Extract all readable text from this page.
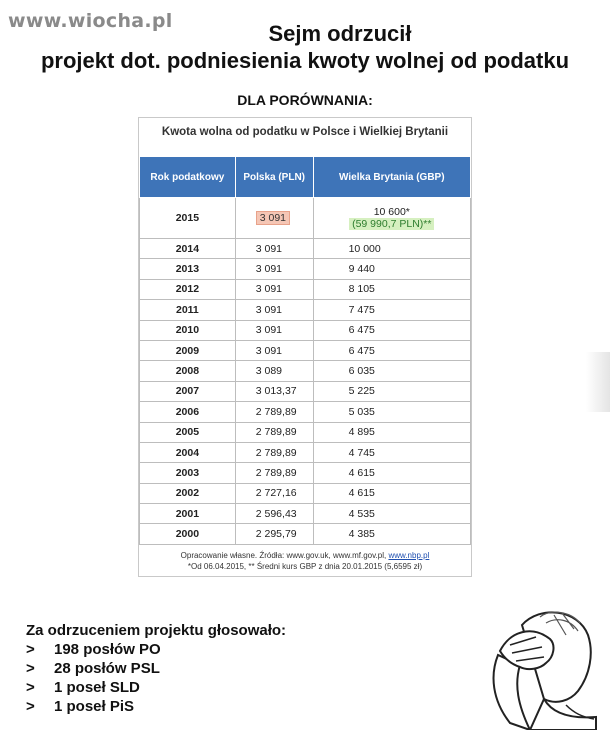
www.wiocha.pl	Sejm odrzucił
projekt dot. podniesienia kwoty wolnej od podatku
DLA PORÓWNANIA:
Kwota wolna od podatku w Polsce i Wielkiej Brytanii
Rok podatkowy	Polska (PLN)	Wielka Brytania (GBP)
2015	3 091	10 600*
(59 990,7 PLN)**
2014	3 091	10 000
2013	3 091	9 440
2012	3 091	8 105
2011	3 091	7 475
2010	3 091	6 475
2009	3 091	6 475
2008	3 089	6 035
2007	3 013,37	5 225
2006	2 789,89	5 035
2005	2 789,89	4 895
2004	2 789,89	4 745
2003	2 789,89	4 615
2002	2 727,16	4 615
2001	2 596,43	4 535
2000	2 295,79	4 385
Opracowanie własne. Źródła: www.gov.uk, www.mf.gov.pl, www.nbp.pl
*Od 06.04.2015, ** Średni kurs GBP z dnia 20.01.2015 (5,6595 zł)
Za odrzuceniem projektu głosowało:
> 198 posłów PO
> 28 posłów PSL
> 1 poseł SLD
> 1 poseł PiS
